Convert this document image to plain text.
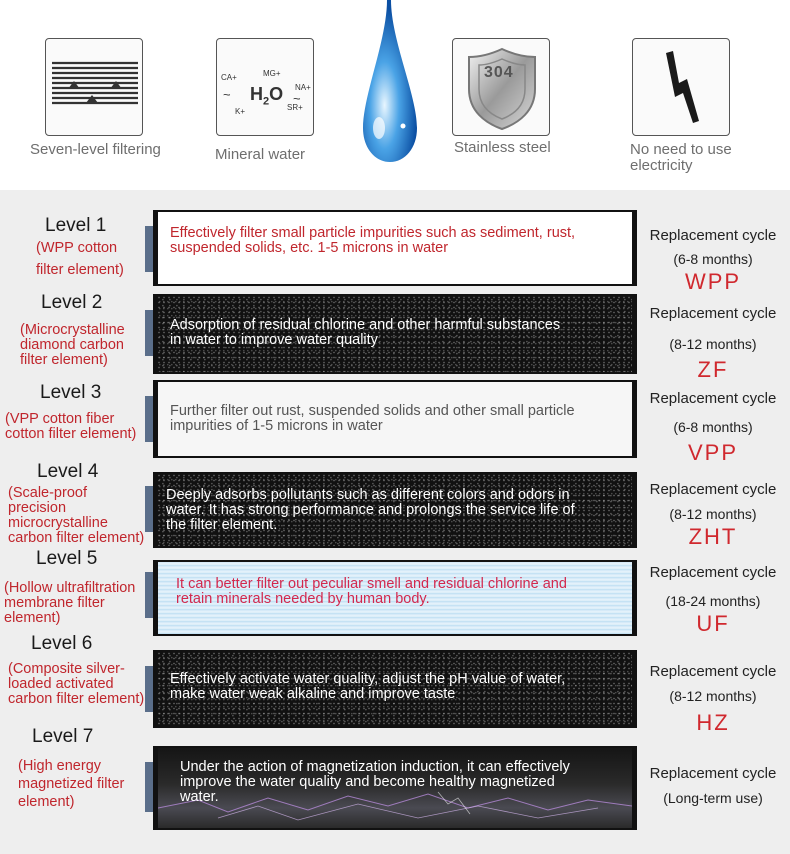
Seven-level filtering
CA+	MG+
NA+
K+	SR+
~ $H_2O$ ~
Mineral water
304
Stainless steel	No need to use
electricity
Level 1
(WPP cotton
filter element)
Effectively filter small particle impurities such as sediment, rust,
suspended solids, etc. 1-5 microns in water
Replacement cycle
(6-8 months)
WPP
Level 2
(Microcrystalline
diamond carbon
filter element)
Adsorption of residual chlorine and other harmful substances
in water to improve water quality
Replacement cycle
(8-12 months)
ZF
Level 3
(VPP cotton fiber
cotton filter element)
Further filter out rust, suspended solids and other small particle
impurities of 1-5 microns in water
Replacement cycle
(6-8 months)
VPP
Level 4
(Scale-proof
precision
microcrystalline
carbon filter element)
Deeply adsorbs pollutants such as different colors and odors in
water. It has strong performance and prolongs the service life of
the filter element.
Replacement cycle
(8-12 months)
ZHT
Level 5
(Hollow ultrafiltration
membrane filter
element)
It can better filter out peculiar smell and residual chlorine and
retain minerals needed by human body.
Replacement cycle
(18-24 months)
UF
Level 6
(Composite silver-
loaded activated
carbon filter element)
Effectively activate water quality, adjust the pH value of water,
make water weak alkaline and improve taste
Replacement cycle
(8-12 months)
HZ
Level 7
(High energy
magnetized filter
element)
Under the action of magnetization induction, it can effectively
improve the water quality and become healthy magnetized
water.
Replacement cycle
(Long-term use)
